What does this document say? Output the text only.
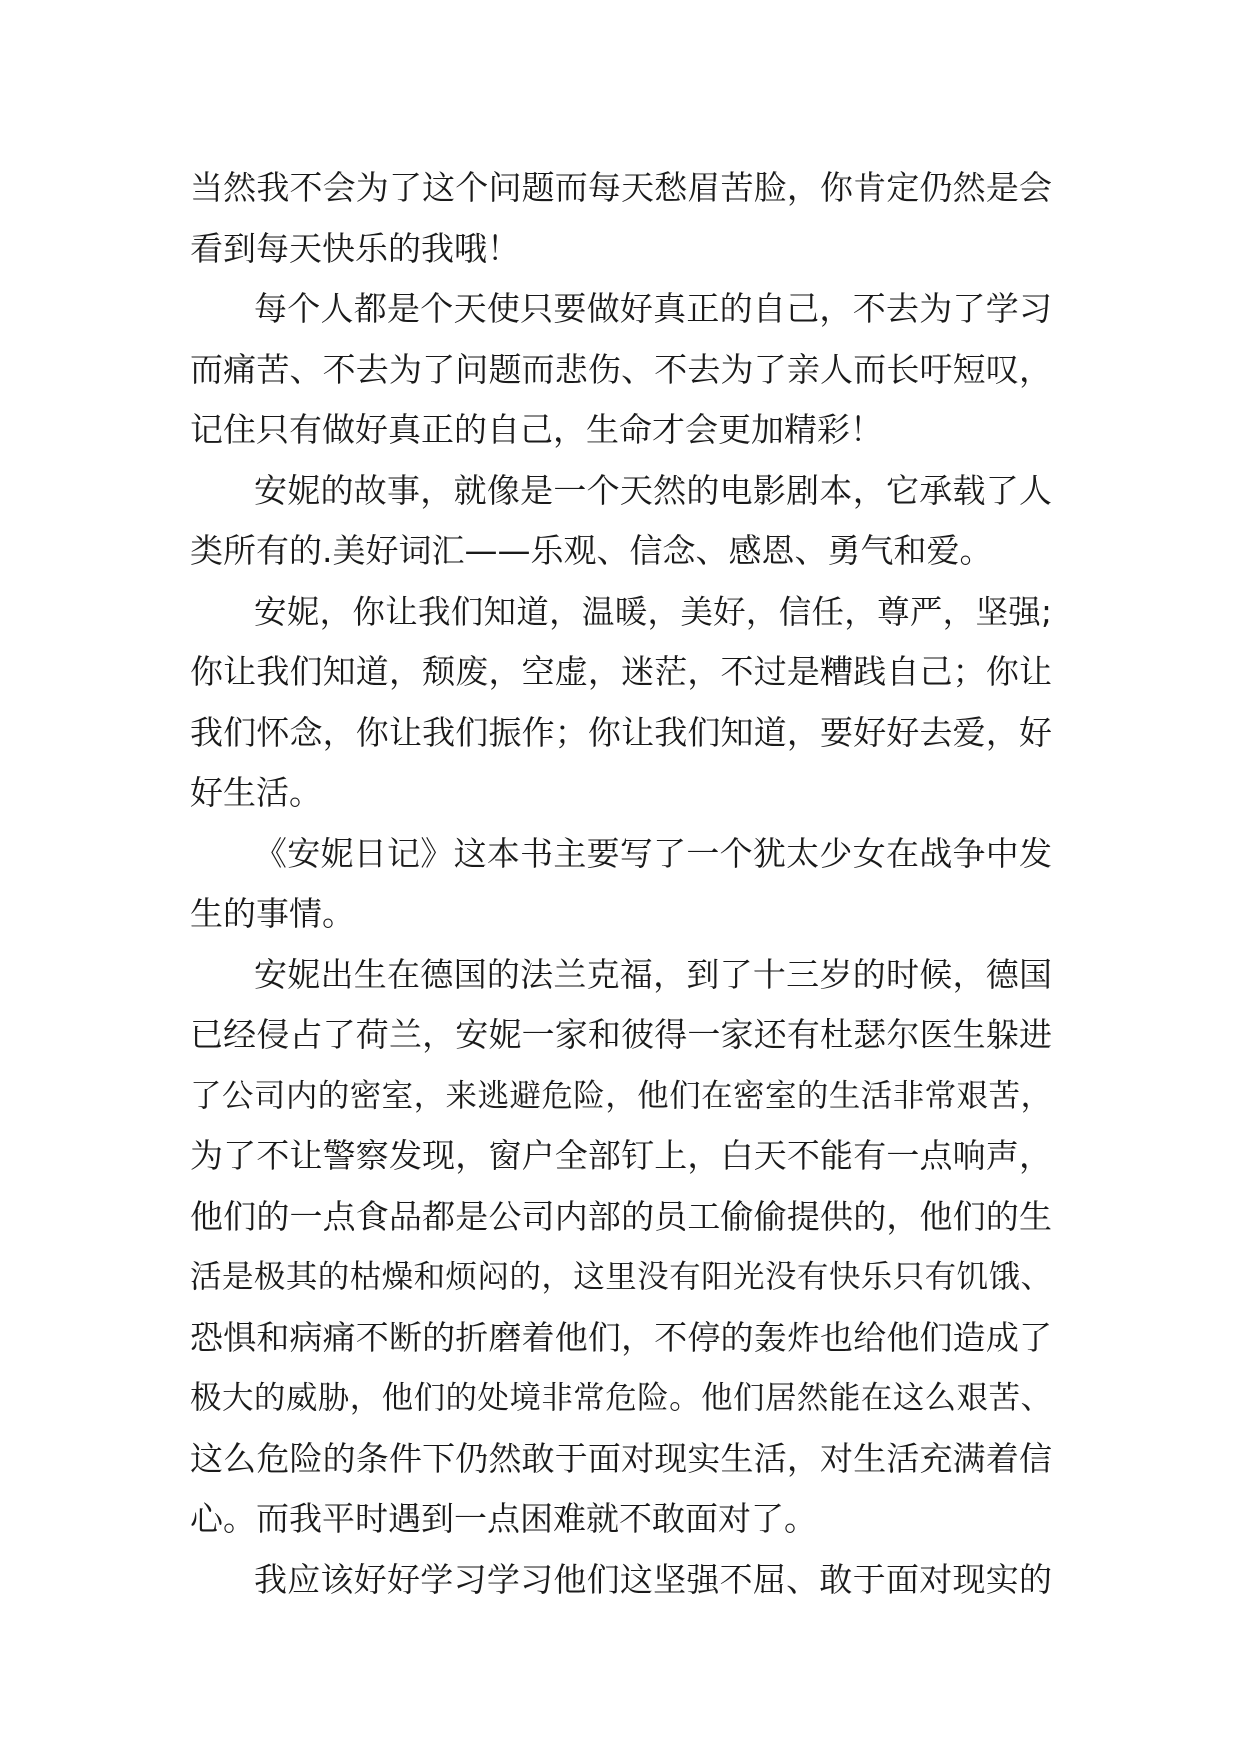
当然我不会为了这个问题而每天愁眉苦脸，你肯定仍然是会
看到每天快乐的我哦！
每个人都是个天使只要做好真正的自己，不去为了学习
而痛苦、不去为了问题而悲伤、不去为了亲人而长吁短叹，
记住只有做好真正的自己，生命才会更加精彩！
安妮的故事，就像是一个天然的电影剧本，它承载了人
类所有的.美好词汇——乐观、信念、感恩、勇气和爱。
安妮，你让我们知道，温暖，美好，信任，尊严，坚强;
你让我们知道，颓废，空虚，迷茫，不过是糟践自己；你让
我们怀念，你让我们振作；你让我们知道，要好好去爱，好
好生活。
《安妮日记》这本书主要写了一个犹太少女在战争中发
生的事情。
安妮出生在德国的法兰克福，到了十三岁的时候，德国
已经侵占了荷兰，安妮一家和彼得一家还有杜瑟尔医生躲进
了公司内的密室，来逃避危险，他们在密室的生活非常艰苦，
为了不让警察发现，窗户全部钉上，白天不能有一点响声，
他们的一点食品都是公司内部的员工偷偷提供的，他们的生
活是极其的枯燥和烦闷的，这里没有阳光没有快乐只有饥饿、
恐惧和病痛不断的折磨着他们，不停的轰炸也给他们造成了
极大的威胁，他们的处境非常危险。他们居然能在这么艰苦、
这么危险的条件下仍然敢于面对现实生活，对生活充满着信
心。而我平时遇到一点困难就不敢面对了。
我应该好好学习学习他们这坚强不屈、敢于面对现实的
